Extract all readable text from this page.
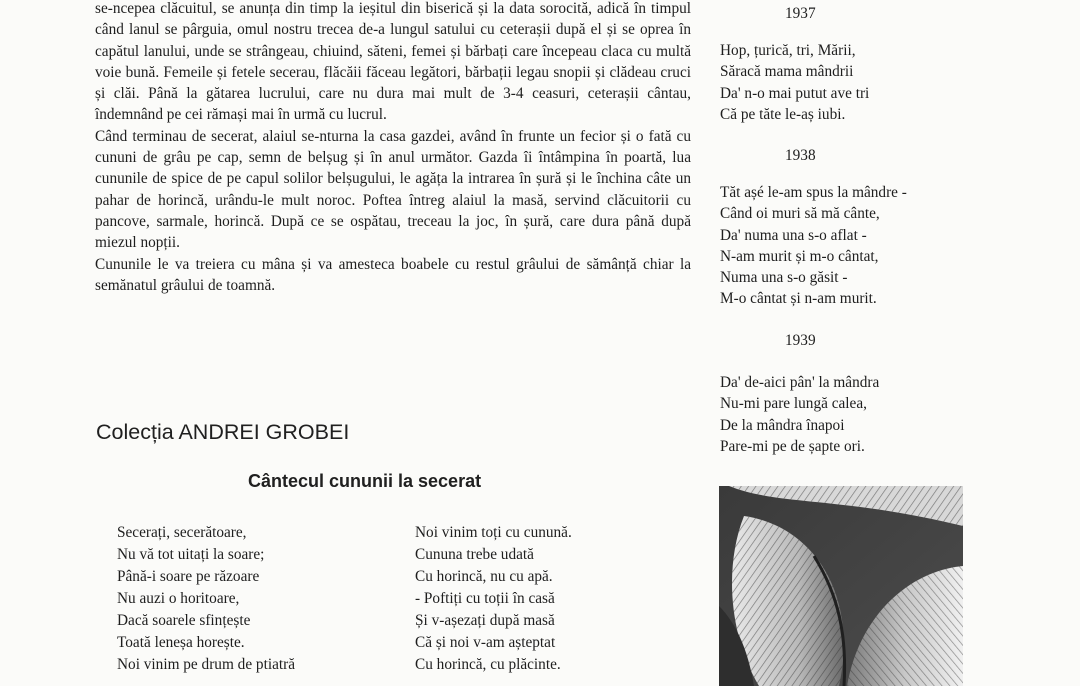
se-ncepea clăcuitul, se anunța din timp la ieșitul din biserică și la data sorocită, adică în timpul când lanul se pârguia, omul nostru trecea de-a lungul satului cu ceterașii după el și se oprea în capătul lanului, unde se strângeau, chiuind, săteni, femei și bărbați care începeau claca cu multă voie bună. Femeile și fetele secerau, flăcăii făceau legători, bărbații legau snopii și clădeau cruci și clăi. Până la gătarea lucrului, care nu dura mai mult de 3-4 ceasuri, ceterașii cântau, îndemnând pe cei rămași mai în urmă cu lucrul.

Când terminau de secerat, alaiul se-nturna la casa gazdei, având în frunte un fecior și o fată cu cununi de grâu pe cap, semn de belșug și în anul următor. Gazda îi întâmpina în poartă, lua cununile de spice de pe capul solilor belșugului, le agăța la intrarea în șură și le închina câte un pahar de horincă, urându-le mult noroc. Poftea întreg alaiul la masă, servind clăcuitorii cu pancove, sarmale, horincă. După ce se ospătau, treceau la joc, în șură, care dura până după miezul nopții.

Cununile le va treiera cu mâna și va amesteca boabele cu restul grâului de sămânță chiar la semănatul grâului de toamnă.

Colecția ANDREI GROBEI
Cântecul cununii la secerat
Secerați, secerătoare,
Nu vă tot uitați la soare;
Până-i soare pe răzoare
Nu auzi o horitoare,
Dacă soarele sfințește
Toată leneșa horește.
Noi vinim pe drum de ptiatră
Noi vinim toți cu cunună.
Cununa trebe udată
Cu horincă, nu cu apă.
- Poftiți cu toții în casă
Și v-așezați după masă
Că și noi v-am așteptat
Cu horincă, cu plăcinte.
1937
Hop, țurică, tri, Mării,
Săracă mama mândrii
Da' n-o mai putut ave tri
Că pe tăte le-aș iubi.
1938
Tăt așé le-am spus la mândre -
Când oi muri să mă cânte,
Da' numa una s-o aflat -
N-am murit și m-o cântat,
Numa una s-o găsit -
M-o cântat și n-am murit.
1939
Da' de-aici pân' la mândra
Nu-mi pare lungă calea,
De la mândra înapoi
Pare-mi pe de șapte ori.
